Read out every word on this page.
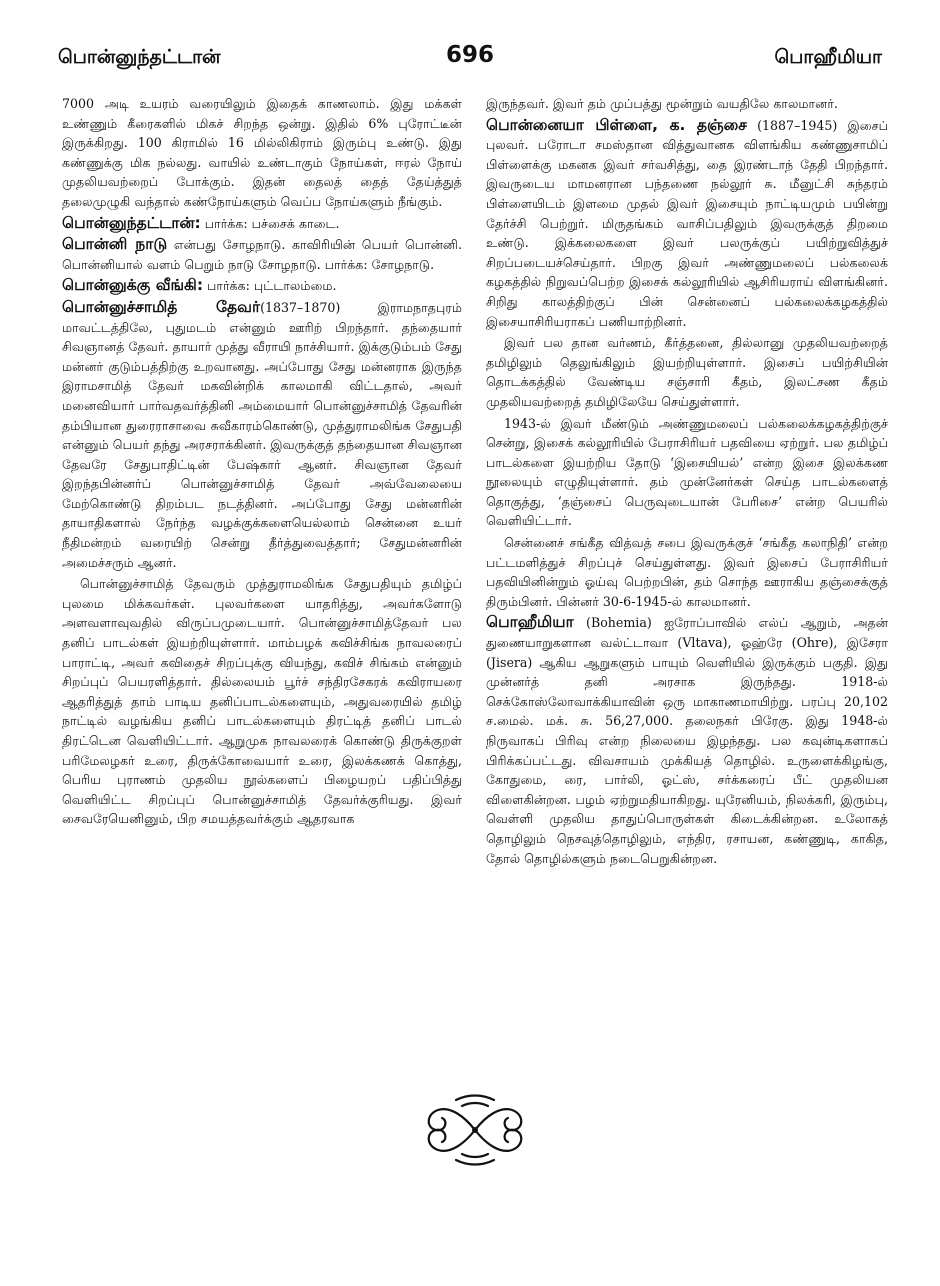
பொன்னுந்தட்டான்	696	பொஹீமியா

7000 அடி உயரம் வரையிலும் இதைக் காணலாம். இது மக்கள் உண்ணும் கீரைகளில் மிகச் சிறந்த ஒன்று. இதில் 6% புரோட்டீன் இருக்கிறது. 100 கிராமில் 16 மில்லிகிராம் இரும்பு உண்டு. இது கண்ணுக்கு மிக நல்லது. வாயில் உண்டாகும் நோய்கள், ஈரல் நோய் முதலியவற்றைப் போக்கும். இதன் தைலத் தைத் தேய்த்துத் தலைமுழுகி வந்தால் கண்நோய்களும் வெப்ப நோய்களும் நீங்கும்.

பொன்னுந்தட்டான்: பார்க்க: பச்சைக் காடை.

பொன்னி நாடு என்பது சோழநாடு. காவிரியின் பெயர் பொன்னி. பொன்னியால் வளம் பெறும் நாடு சோழநாடு. பார்க்க: சோழநாடு.

பொன்னுக்கு வீங்கி: பார்க்க: புட்டாலம்மை.

பொன்னுச்சாமித் தேவர்(1837–1870) இராமநாதபுரம் மாவட்டத்திலே, புதுமடம் என்னும் ஊரிற் பிறந்தார். தந்தையார் சிவஞானத் தேவர். தாயார் முத்து வீராயி நாச்சியார். இக்குடும்பம் சேது மன்னர் குடும்பத்திற்கு உறவானது. அப்போது சேது மன்னராக இருந்த இராமசாமித் தேவர் மகவின்றிக் காலமாகி விட்டதால், அவர் மனைவியார் பார்வதவர்த்தினி அம்மையார் பொன்னுச்சாமித் தேவரின் தம்பியான துரைராசாவை சுவீகாரம்கொண்டு, முத்துராமலிங்க சேதுபதி என்னும் பெயர் தந்து அரசராக்கினர். இவருக்குத் தந்தையான சிவஞான தேவரே சேதுபாதிட்டின் பேஷ்கார் ஆனர். சிவஞான தேவர் இறந்தபின்னர்ப் பொன்னுச்சாமித் தேவர் அவ்வேலையை மேற்கொண்டு திறம்பட நடத்தினர். அப்போது சேது மன்னரின் தாயாதிகளால் நேர்ந்த வழக்குக்களையெல்லாம் சென்னை உயர் நீதிமன்றம் வரையிற் சென்று தீர்த்துவைத்தார்; சேதுமன்னரின் அமைச்சரும் ஆனர்.

பொன்னுச்சாமித் தேவரும் முத்துராமலிங்க சேதுபதியும் தமிழ்ப் புலமை மிக்கவர்கள். புலவர்களை யாதரித்து, அவர்களோடு அளவளாவுவதில் விருப்பமுடையார். பொன்னுச்சாமித்தேவர் பல தனிப் பாடல்கள் இயற்றியுள்ளார். மாம்பழக் கவிச்சிங்க நாவலரைப் பாராட்டி, அவர் கவிதைச் சிறப்புக்கு வியந்து, கவிச் சிங்கம் என்னும் சிறப்புப் பெயரளித்தார். தில்லையம் பூர்ச் சந்திரசேகரக் கவிராயரை ஆதரித்துத் தாம் பாடிய தனிப்பாடல்களையும், அதுவரையில் தமிழ் நாட்டில் வழங்கிய தனிப் பாடல்களையும் திரட்டித் தனிப் பாடல் திரட்டென வெளியிட்டார். ஆறுமுக நாவலரைக் கொண்டு திருக்குறள் பரிமேலழகர் உரை, திருக்கோவையார் உரை, இலக்கணக் கொத்து, பெரிய புராணம் முதலிய நூல்களைப் பிழையறப் பதிப்பித்து வெளியிட்ட சிறப்புப் பொன்னுச்சாமித் தேவர்க்குரியது. இவர் சைவரேயெனினும், பிற சமயத்தவர்க்கும் ஆதரவாக

இருந்தவர். இவர் தம் முப்பத்து மூன்றும் வயதிலே காலமானர்.

பொன்னையா பிள்ளை, க. தஞ்சை (1887–1945) இசைப் புலவர். பரோடா சமஸ்தான வித்துவானக விளங்கிய கண்ணுசாமிப் பிள்ளைக்கு மகனக இவர் சர்வசித்து, தை இரண்டாந் தேதி பிறந்தார். இவருடைய மாமனரான பந்தணை நல்லூர் சு. மீனுட்சி சுந்தரம் பிள்ளையிடம் இளமை முதல் இவர் இசையும் நாட்டியமும் பயின்று தேர்ச்சி பெற்றுர். மிருதங்கம் வாசிப்பதிலும் இவருக்குத் திறமை உண்டு. இக்கலைகளை இவர் பலருக்குப் பயிற்றுவித்துச் சிறப்படையச்செய்தார். பிறகு இவர் அண்ணுமலைப் பல்கலைக் கழகத்தில் நிறுவப்பெற்ற இசைக் கல்லூரியில் ஆசிரியராய் விளங்கினர். சிறிது காலத்திற்குப் பின் சென்னைப் பல்கலைக்கழகத்தில் இசையாசிரியராகப் பணியாற்றினர்.

இவர் பல தான வர்ணம், கீர்த்தனை, தில்லானு முதலியவற்றைத் தமிழிலும் தெலுங்கிலும் இயற்றியுள்ளார். இசைப் பயிற்சியின் தொடக்கத்தில் வேண்டிய சஞ்சாரி கீதம், இலட்சண கீதம் முதலியவற்றைத் தமிழிலேயே செய்துள்ளார்.

1943-ல் இவர் மீண்டும் அண்ணுமலைப் பல்கலைக்கழகத்திற்குச் சென்று, இசைக் கல்லூரியில் பேராசிரியர் பதவியை ஏற்றுர். பல தமிழ்ப் பாடல்களை இயற்றிய தோடு ‘இசையியல்’ என்ற இசை இலக்கண நூலையும் எழுதியுள்ளார். தம் முன்னேர்கள் செய்த பாடல்களைத் தொகுத்து, ‘தஞ்சைப் பெருவுடையான் பேரிசை’ என்ற பெயரில் வெளியிட்டார்.

சென்னைச் சங்கீத வித்வத் சபை இவருக்குச் ‘சங்கீத கலாநிதி’ என்ற பட்டமளித்துச் சிறப்புச் செய்துள்ளது. இவர் இசைப் பேராசிரியர் பதவியினின்றும் ஓய்வு பெற்றபின், தம் சொந்த ஊராகிய தஞ்சைக்குத் திரும்பினர். பின்னர் 30-6-1945-ல் காலமானர்.

பொஹீமியா (Bohemia) ஐரோப்பாவில் எல்ப் ஆறும், அதன் துணையாறுகளான வல்ட்டாவா (Vltava), ஓஹ்ரே (Ohre), இசேரா (Jisera) ஆகிய ஆறுகளும் பாயும் வெளியில் இருக்கும் பகுதி. இது முன்னர்த் தனி அரசாக இருந்தது. 1918-ல் செக்கோஸ்லோவாக்கியாவின் ஒரு மாகாணமாயிற்று. பரப்பு 20,102 ச.மைல். மக். சு. 56,27,000. தலைநகர் பிரேகு. இது 1948-ல் நிருவாகப் பிரிவு என்ற நிலையை இழந்தது. பல கவுன்டிகளாகப் பிரிக்கப்பட்டது. விவசாயம் முக்கியத் தொழில். உருளைக்கிழங்கு, கோதுமை, ரை, பார்லி, ஓட்ஸ், சர்க்கரைப் பீட் முதலியன விளைகின்றன. பழம் ஏற்றுமதியாகிறது. யுரேனியம், நிலக்கரி, இரும்பு, வெள்ளி முதலிய தாதுப்பொருள்கள் கிடைக்கின்றன. உலோகத் தொழிலும் நெசவுத்தொழிலும், எந்திர, ரசாயன, கண்ணுடி, காகித, தோல் தொழில்களும் நடைபெறுகின்றன.
